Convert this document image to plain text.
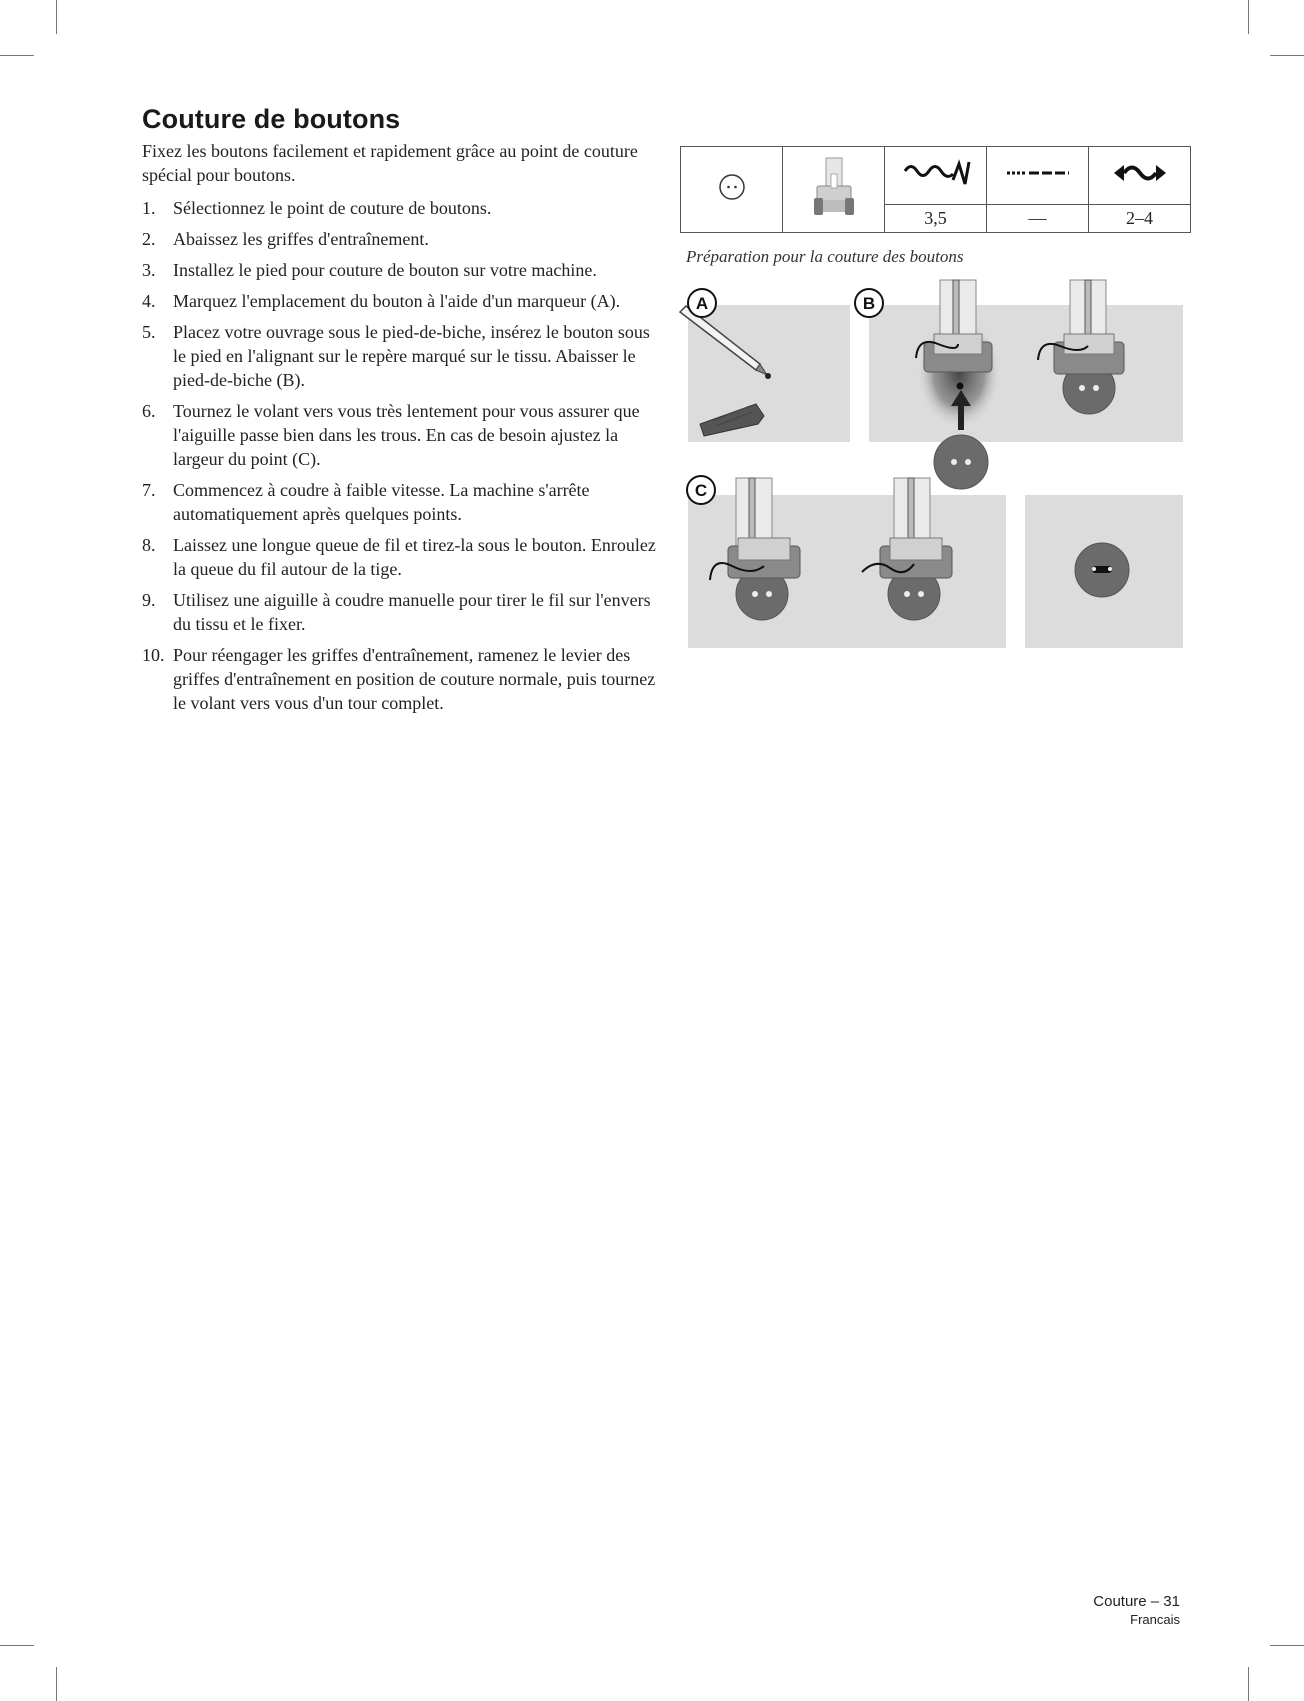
Couture de boutons

Fixez les boutons facilement et rapidement grâce au point de couture spécial pour boutons.

1. Sélectionnez le point de couture de boutons.
2. Abaissez les griffes d'entraînement.
3. Installez le pied pour couture de bouton sur votre machine.
4. Marquez l'emplacement du bouton à l'aide d'un marqueur (A).
5. Placez votre ouvrage sous le pied-de-biche, insérez le bouton sous le pied en l'alignant sur le repère marqué sur le tissu. Abaisser le pied-de-biche (B).
6. Tournez le volant vers vous très lentement pour vous assurer que l'aiguille passe bien dans les trous. En cas de besoin ajustez la largeur du point (C).
7. Commencez à coudre à faible vitesse. La machine s'arrête automatiquement après quelques points.
8. Laissez une longue queue de fil et tirez-la sous le bouton. Enroulez la queue du fil autour de la tige.
9. Utilisez une aiguille à coudre manuelle pour tirer le fil sur l'envers du tissu et le fixer.
10. Pour réengager les griffes d'entraînement, ramenez le levier des griffes d'entraînement en position de couture normale, puis tournez le volant vers vous d'un tour complet.

		3,5	—	2–4
Préparation pour la couture des boutons
A	B
C
Couture – 31
Francais
